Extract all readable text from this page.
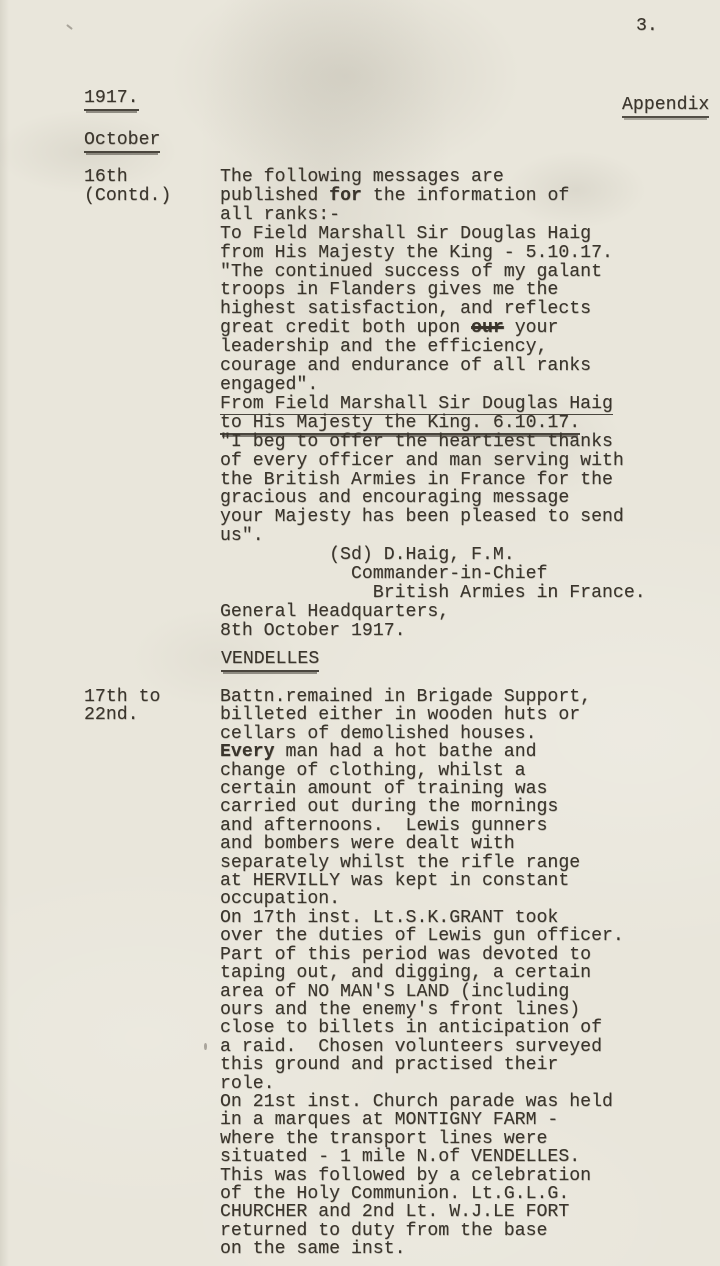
3.
1917.	Appendix
October
16th
(Contd.)
The following messages are
published for the information of
all ranks:-
To Field Marshall Sir Douglas Haig
from His Majesty the King - 5.10.17.
"The continued success of my galant
troops in Flanders gives me the
highest satisfaction, and reflects
great credit both upon our your
leadership and the efficiency,
courage and endurance of all ranks
engaged".
From Field Marshall Sir Douglas Haig
to His Majesty the King. 6.10.17.
"I beg to offer the heartiest thanks
of every officer and man serving with
the British Armies in France for the
gracious and encouraging message
your Majesty has been pleased to send
us".
(Sd) D.Haig, F.M.
Commander-in-Chief
British Armies in France.
General Headquarters,
8th October 1917.
VENDELLES
17th to
22nd.
Battn.remained in Brigade Support,
billeted either in wooden huts or
cellars of demolished houses.
Every man had a hot bathe and
change of clothing, whilst a
certain amount of training was
carried out during the mornings
and afternoons.  Lewis gunners
and bombers were dealt with
separately whilst the rifle range
at HERVILLY was kept in constant
occupation.
On 17th inst. Lt.S.K.GRANT took
over the duties of Lewis gun officer.
Part of this period was devoted to
taping out, and digging, a certain
area of NO MAN'S LAND (including
ours and the enemy's front lines)
close to billets in anticipation of
a raid.  Chosen volunteers surveyed
this ground and practised their
role.
On 21st inst. Church parade was held
in a marques at MONTIGNY FARM -
where the transport lines were
situated - 1 mile N.of VENDELLES.
This was followed by a celebration
of the Holy Communion. Lt.G.L.G.
CHURCHER and 2nd Lt. W.J.LE FORT
returned to duty from the base
on the same inst.
